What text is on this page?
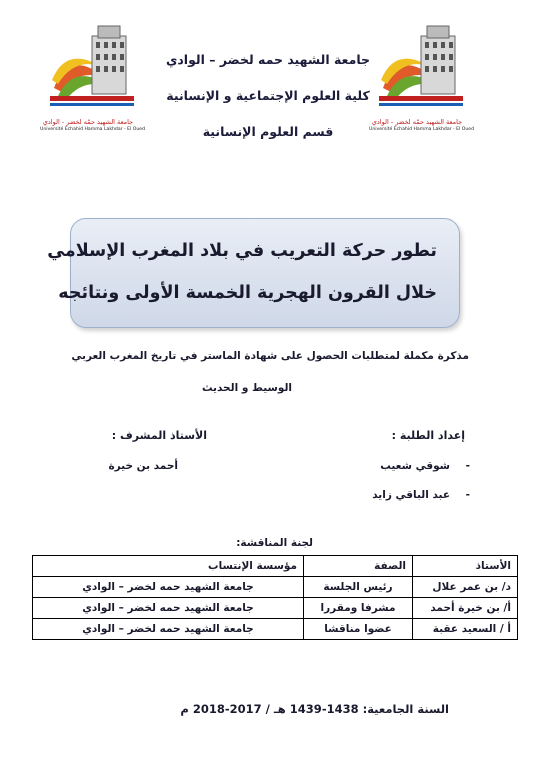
جامعة الشهيد حمّه لخضر - الوادي
Université Echahid Hamma Lakhdar - El Oued
جامعة الشهيد حمّه لخضر - الوادي
Université Echahid Hamma Lakhdar - El Oued
جامعة الشهيد حمه لخضر – الوادي
كلية العلوم الإجتماعية و الإنسانية
قسم العلوم الإنسانية
تطور حركة التعريب في بلاد المغرب الإسلامي
خلال القرون الهجرية الخمسة الأولى ونتائجه
مذكرة مكملة لمتطلبات الحصول على شهادة الماستر في تاريخ المغرب العربي
الوسيط و الحديث
إعداد الطلبة :
-
شوقي شعيب
-
عبد الباقي زايد
الأستاذ المشرف :
أحمد بن خيرة
لجنة المناقشة:
الأستاذ	الصفة	مؤسسة الإنتساب
د/ بن عمر علال	رئيس الجلسة	جامعة الشهيد حمه لخضر – الوادي
أ/ بن خيرة أحمد	مشرفا ومقررا	جامعة الشهيد حمه لخضر – الوادي
أ / السعيد عقبة	عضوا مناقشا	جامعة الشهيد حمه لخضر – الوادي
السنة الجامعية: 1438-1439 هـ / 2017-2018 م
